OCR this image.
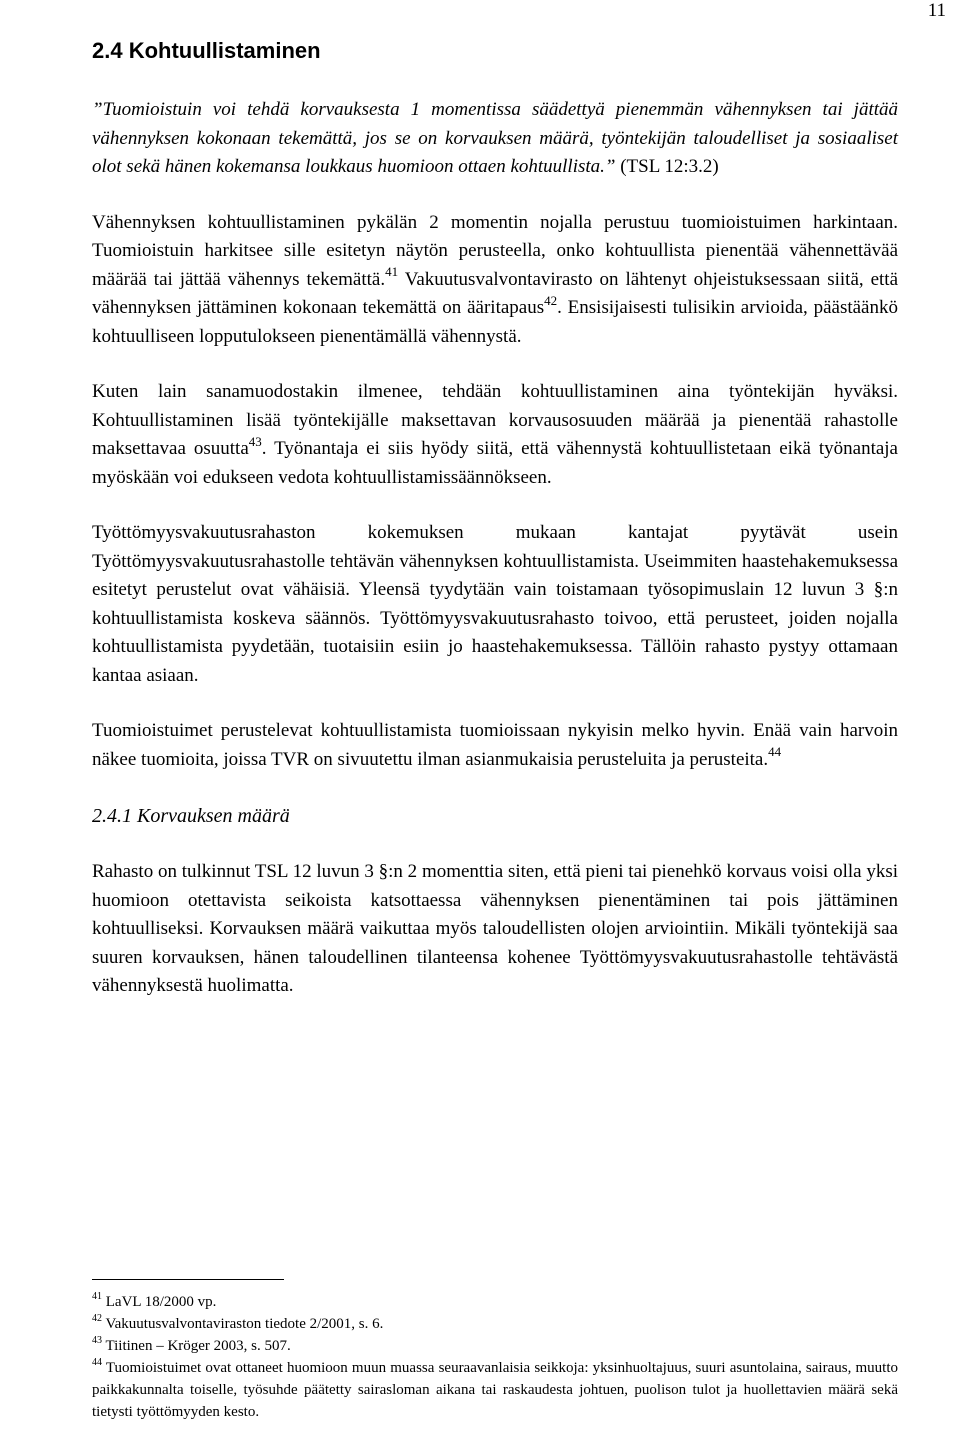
11
2.4 Kohtuullistaminen
”Tuomioistuin voi tehdä korvauksesta 1 momentissa säädettyä pienemmän vähennyksen tai jättää vähennyksen kokonaan tekemättä, jos se on korvauksen määrä, työntekijän taloudelliset ja sosiaaliset olot sekä hänen kokemansa loukkaus huomioon ottaen kohtuullista.” (TSL 12:3.2)

Vähennyksen kohtuullistaminen pykälän 2 momentin nojalla perustuu tuomioistuimen harkintaan. Tuomioistuin harkitsee sille esitetyn näytön perusteella, onko kohtuullista pienentää vähennettävää määrää tai jättää vähennys tekemättä.$^{41}$ Vakuutusvalvontavirasto on lähtenyt ohjeistuksessaan siitä, että vähennyksen jättäminen kokonaan tekemättä on ääritapaus$^{42}$. Ensisijaisesti tulisikin arvioida, päästäänkö kohtuulliseen lopputulokseen pienentämällä vähennystä.

Kuten lain sanamuodostakin ilmenee, tehdään kohtuullistaminen aina työntekijän hyväksi. Kohtuullistaminen lisää työntekijälle maksettavan korvausosuuden määrää ja pienentää rahastolle maksettavaa osuutta$^{43}$. Työnantaja ei siis hyödy siitä, että vähennystä kohtuullistetaan eikä työnantaja myöskään voi edukseen vedota kohtuullistamissäännökseen.

Työttömyysvakuutusrahaston kokemuksen mukaan kantajat pyytävät usein Työttömyysvakuutusrahastolle tehtävän vähennyksen kohtuullistamista. Useimmiten haastehakemuksessa esitetyt perustelut ovat vähäisiä. Yleensä tyydytään vain toistamaan työsopimuslain 12 luvun 3 §:n kohtuullistamista koskeva säännös. Työttömyysvakuutusrahasto toivoo, että perusteet, joiden nojalla kohtuullistamista pyydetään, tuotaisiin esiin jo haastehakemuksessa. Tällöin rahasto pystyy ottamaan kantaa asiaan.

Tuomioistuimet perustelevat kohtuullistamista tuomioissaan nykyisin melko hyvin. Enää vain harvoin näkee tuomioita, joissa TVR on sivuutettu ilman asianmukaisia perusteluita ja perusteita.$^{44}$

2.4.1 Korvauksen määrä

Rahasto on tulkinnut TSL 12 luvun 3 §:n 2 momenttia siten, että pieni tai pienehkö korvaus voisi olla yksi huomioon otettavista seikoista katsottaessa vähennyksen pienentäminen tai pois jättäminen kohtuulliseksi. Korvauksen määrä vaikuttaa myös taloudellisten olojen arviointiin. Mikäli työntekijä saa suuren korvauksen, hänen taloudellinen tilanteensa kohenee Työttömyysvakuutusrahastolle tehtävästä vähennyksestä huolimatta.

$^{41}$ LaVL 18/2000 vp.
$^{42}$ Vakuutusvalvontaviraston tiedote 2/2001, s. 6.
$^{43}$ Tiitinen – Kröger 2003, s. 507.
$^{44}$ Tuomioistuimet ovat ottaneet huomioon muun muassa seuraavanlaisia seikkoja: yksinhuoltajuus, suuri asuntolaina, sairaus, muutto paikkakunnalta toiselle, työsuhde päätetty sairasloman aikana tai raskaudesta johtuen, puolison tulot ja huollettavien määrä sekä tietysti työttömyyden kesto.
